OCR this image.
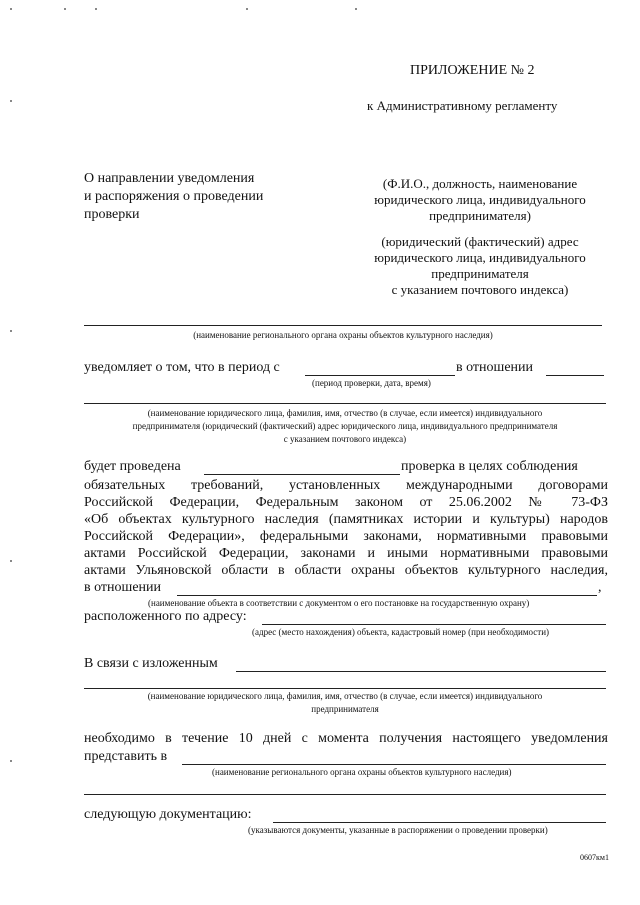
ПРИЛОЖЕНИЕ № 2
к Административному регламенту
О направлении уведомления
и распоряжения о проведении
проверки
(Ф.И.О., должность, наименование
юридического лица, индивидуального
предпринимателя)
(юридический (фактический) адрес
юридического лица, индивидуального
предпринимателя
с указанием почтового индекса)
(наименование регионального органа охраны объектов культурного наследия)
уведомляет о том, что в период с	в отношении
(период проверки, дата, время)
(наименование юридического лица, фамилия, имя, отчество (в случае, если имеется) индивидуального
предпринимателя (юридический (фактический) адрес юридического лица, индивидуального предпринимателя
с указанием почтового индекса)
будет проведена	проверка в целях соблюдения
обязательных требований, установленных международными договорами
Российской Федерации, Федеральным законом от 25.06.2002 № 73-ФЗ
«Об объектах культурного наследия (памятниках истории и культуры) народов
Российской Федерации», федеральными законами, нормативными правовыми
актами Российской Федерации, законами и иными нормативными правовыми
актами Ульяновской области в области охраны объектов культурного наследия,
в отношении	,
(наименование объекта в соответствии с документом о его постановке на государственную охрану)
расположенного по адресу:
(адрес (место нахождения) объекта, кадастровый номер (при необходимости)
В связи с изложенным
(наименование юридического лица, фамилия, имя, отчество (в случае, если имеется) индивидуального
предпринимателя
необходимо в течение 10 дней с момента получения настоящего уведомления
представить в
(наименование регионального органа охраны объектов культурного наследия)
следующую документацию:
(указываются документы, указанные в распоряжении о проведении проверки)
0607км1
